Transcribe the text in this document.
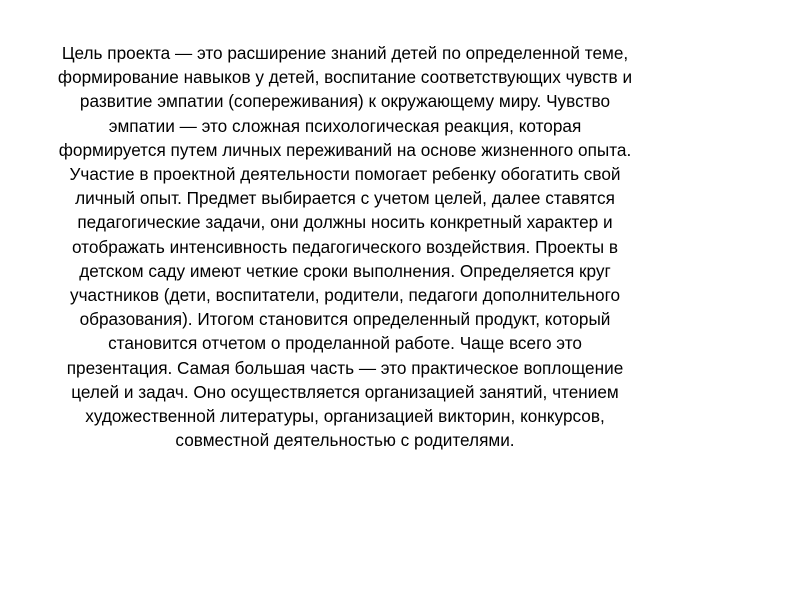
Цель проекта — это расширение знаний детей по определенной теме,
формирование навыков у детей, воспитание соответствующих чувств и
развитие эмпатии (сопереживания) к окружающему миру. Чувство
эмпатии — это сложная психологическая реакция, которая
формируется путем личных переживаний на основе жизненного опыта.
Участие в проектной деятельности помогает ребенку обогатить свой
личный опыт. Предмет выбирается с учетом целей, далее ставятся
педагогические задачи, они должны носить конкретный характер и
отображать интенсивность педагогического воздействия. Проекты в
детском саду имеют четкие сроки выполнения. Определяется круг
участников (дети, воспитатели, родители, педагоги дополнительного
образования). Итогом становится определенный продукт, который
становится отчетом о проделанной работе. Чаще всего это
презентация. Самая большая часть — это практическое воплощение
целей и задач. Оно осуществляется организацией занятий, чтением
художественной литературы, организацией викторин, конкурсов,
совместной деятельностью с родителями.
